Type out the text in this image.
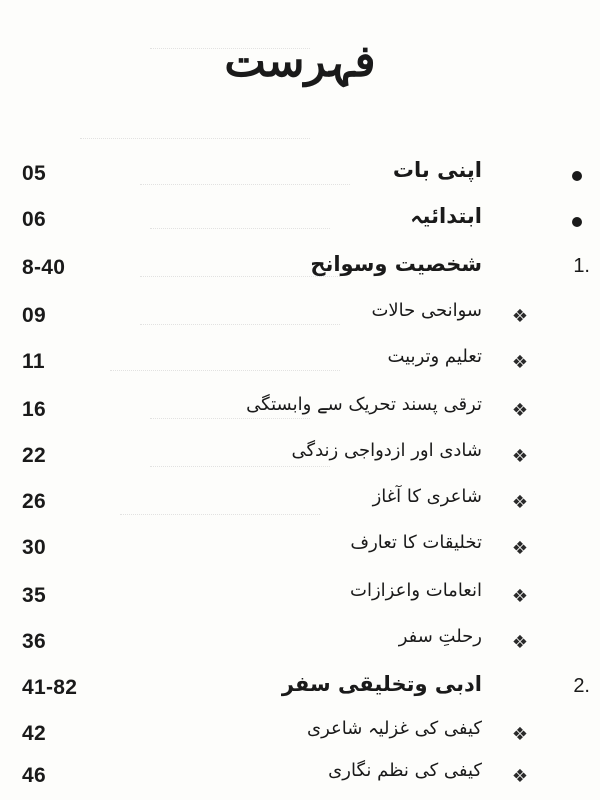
فہرست
05	اپنی بات
06	ابتدائیہ
8-40	شخصیت وسوانح	1.
09	سوانحی حالات ❖
11	تعلیم وتربیت ❖
16	ترقی پسند تحریک سے وابستگی ❖
22	شادی اور ازدواجی زندگی ❖
26	شاعری کا آغاز ❖
30	تخلیقات کا تعارف ❖
35	انعامات واعزازات ❖
36	رحلتِ سفر ❖
41-82	ادبی وتخلیقی سفر	2.
42	کیفی کی غزلیہ شاعری ❖
46	کیفی کی نظم نگاری ❖
